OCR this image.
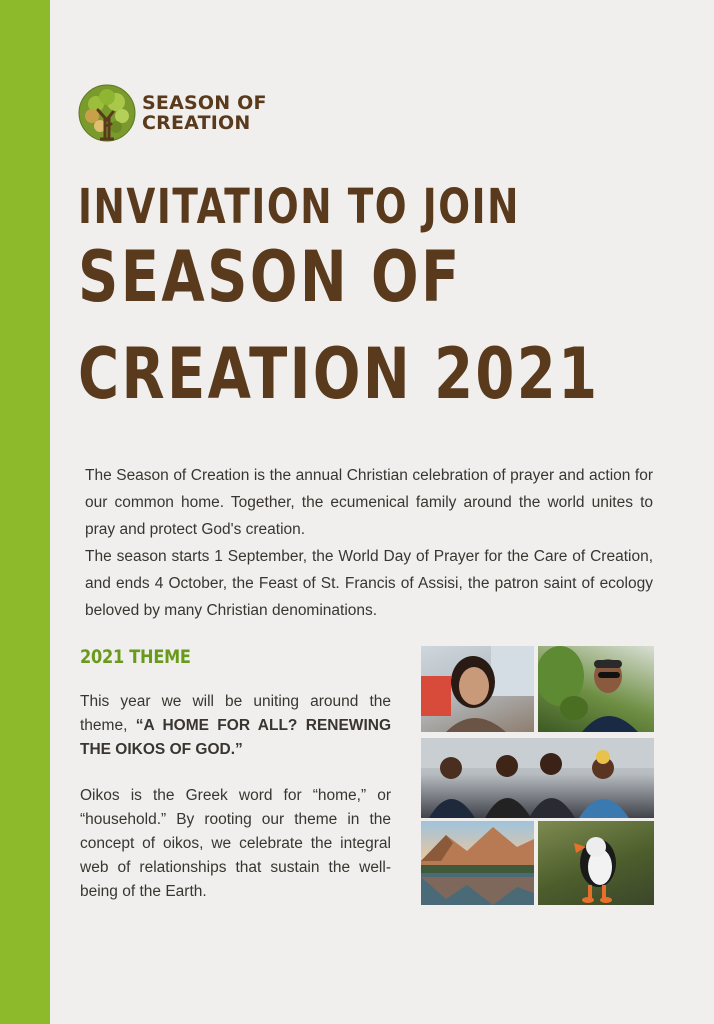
SEASON OF
CREATION
INVITATION TO JOIN
SEASON OF
CREATION 2021

The Season of Creation is the annual Christian celebration of prayer and action for our common home. Together, the ecumenical family around the world unites to pray and protect God's creation.

The season starts 1 September, the World Day of Prayer for the Care of Creation, and ends 4 October, the Feast of St. Francis of Assisi, the patron saint of ecology beloved by many Christian denominations.

2021 THEME

This year we will be uniting around the theme, “A HOME FOR ALL? RENEWING THE OIKOS OF GOD.”

Oikos is the Greek word for “home,” or “household.” By rooting our theme in the concept of oikos, we celebrate the integral web of relationships that sustain the well-being of the Earth.
